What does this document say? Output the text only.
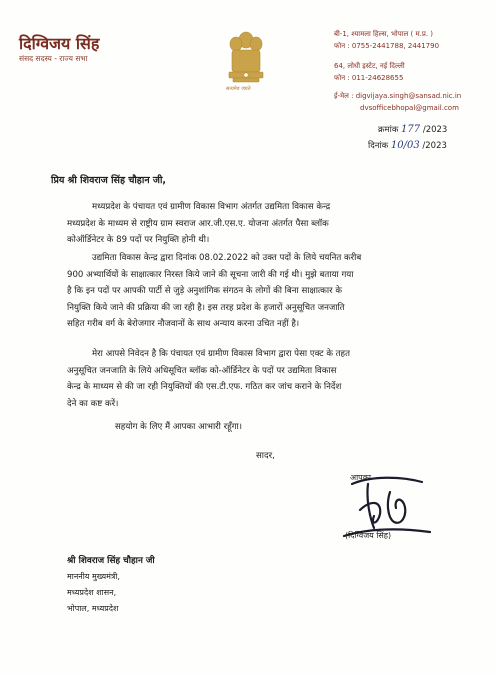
दिग्विजय सिंह
संसद सदस्य - राज्य सभा
सत्यमेव जयते
बी-1, श्यामला हिल्स, भोपाल ( म.प्र. )
फोन : 0755-2441788, 2441790
64, लोधी इस्टेट, नई दिल्ली
फोन : 011-24628655
ई-मेल : digvijaya.singh@sansad.nic.in
dvsofficebhopal@gmail.com
क्रमांक 177 /2023
दिनांक 10/03 /2023
प्रिय श्री शिवराज सिंह चौहान जी,
मध्यप्रदेश के पंचायत एवं ग्रामीण विकास विभाग अंतर्गत उद्यमिता विकास केन्द्र
मध्यप्रदेश के माध्यम से राष्ट्रीय ग्राम स्वराज आर.जी.एस.ए. योजना अंतर्गत पैसा ब्लॉक
कोऑर्डिनेटर के 89 पदों पर नियुक्ति होनी थी।
उद्यमिता विकास केन्द्र द्वारा दिनांक 08.02.2022 को उक्त पदों के लिये चयनित करीब
900 अभ्यार्थियों के साक्षात्कार निरस्त किये जाने की सूचना जारी की गई थी। मुझे बताया गया
है कि इन पदों पर आपकी पार्टी से जुड़े अनुशांगिक संगठन के लोगों की बिना साक्षात्कार के
नियुक्ति किये जाने की प्रक्रिया की जा रही है। इस तरह प्रदेश के हजारों अनुसूचित जनजाति
सहित गरीब वर्ग के बेरोजगार नौजवानों के साथ अन्याय करना उचित नहीं है।
मेरा आपसे निवेदन है कि पंचायत एवं ग्रामीण विकास विभाग द्वारा पेसा एक्ट के तहत
अनुसूचित जनजाति के लिये अधिसूचित ब्लॉक को-ऑर्डिनेटर के पदों पर उद्यमिता विकास
केन्द्र के माध्यम से की जा रही नियुक्तियों की एस.टी.एफ. गठित कर जांच कराने के निर्देश
देने का कष्ट करें।
सहयोग के लिए मैं आपका आभारी रहूँगा।
सादर,
आपका
(दिग्विजय सिंह)
श्री शिवराज सिंह चौहान जी
माननीय मुख्यमंत्री,
मध्यप्रदेश शासन,
भोपाल, मध्यप्रदेश
